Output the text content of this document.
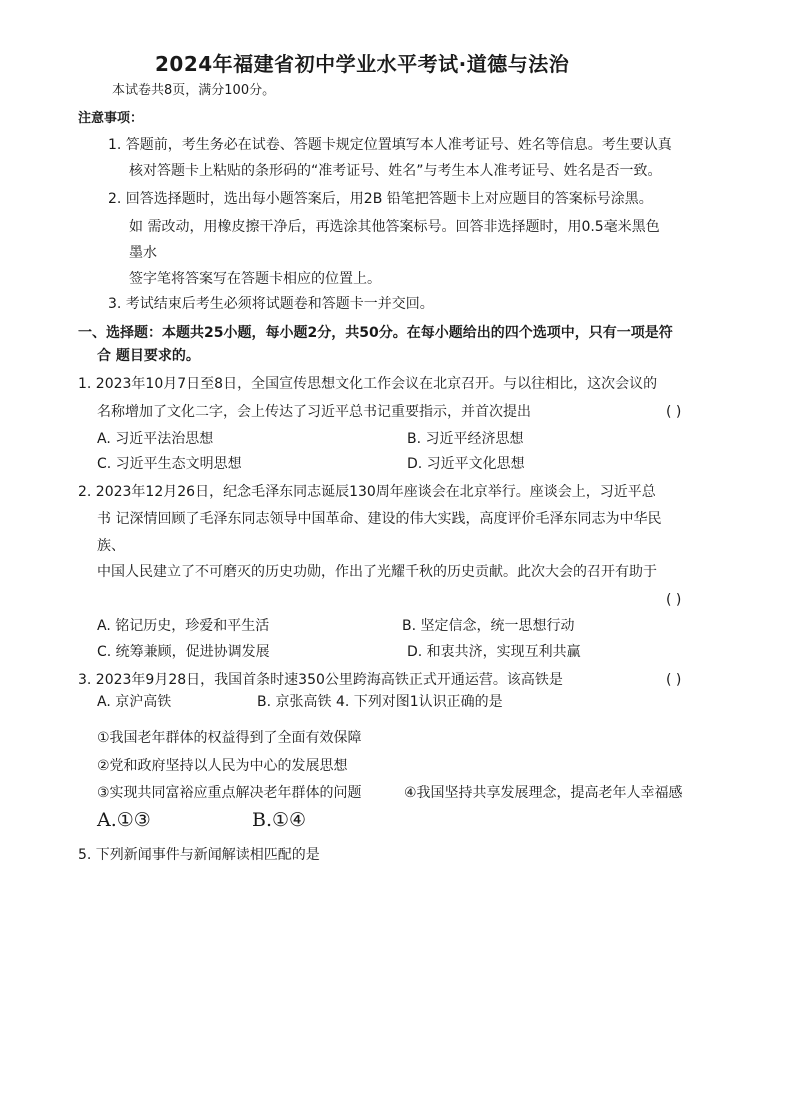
2024年福建省初中学业水平考试·道德与法治
本试卷共8页，满分100分。
注意事项：
1. 答题前，考生务必在试卷、答题卡规定位置填写本人准考证号、姓名等信息。考生要认真
核对答题卡上粘贴的条形码的“准考证号、姓名”与考生本人准考证号、姓名是否一致。
2. 回答选择题时，选出每小题答案后，用2B 铅笔把答题卡上对应题目的答案标号涂黑。
如 需改动，用橡皮擦干净后，再选涂其他答案标号。回答非选择题时，用0.5毫米黑色
墨水
签字笔将答案写在答题卡相应的位置上。
3. 考试结束后考生必须将试题卷和答题卡一并交回。
一、选择题：本题共25小题，每小题2分，共50分。在每小题给出的四个选项中，只有一项是符
合 题目要求的。
1. 2023年10月7日至8日，全国宣传思想文化工作会议在北京召开。与以往相比，这次会议的
名称增加了文化二字，会上传达了习近平总书记重要指示，并首次提出	( )
A. 习近平法治思想	B. 习近平经济思想
C. 习近平生态文明思想	D. 习近平文化思想
2. 2023年12月26日，纪念毛泽东同志诞辰130周年座谈会在北京举行。座谈会上，习近平总
书 记深情回顾了毛泽东同志领导中国革命、建设的伟大实践，高度评价毛泽东同志为中华民
族、
中国人民建立了不可磨灭的历史功勋，作出了光耀千秋的历史贡献。此次大会的召开有助于
( )
A. 铭记历史，珍爱和平生活	B. 坚定信念，统一思想行动
C. 统筹兼顾，促进协调发展	D. 和衷共济，实现互利共赢
3. 2023年9月28日，我国首条时速350公里跨海高铁正式开通运营。该高铁是	( )
A. 京沪高铁	B. 京张高铁 4. 下列对图1认识正确的是
①我国老年群体的权益得到了全面有效保障
②党和政府坚持以人民为中心的发展思想
③实现共同富裕应重点解决老年群体的问题	④我国坚持共享发展理念，提高老年人幸福感
A.①③	B.①④
5. 下列新闻事件与新闻解读相匹配的是
